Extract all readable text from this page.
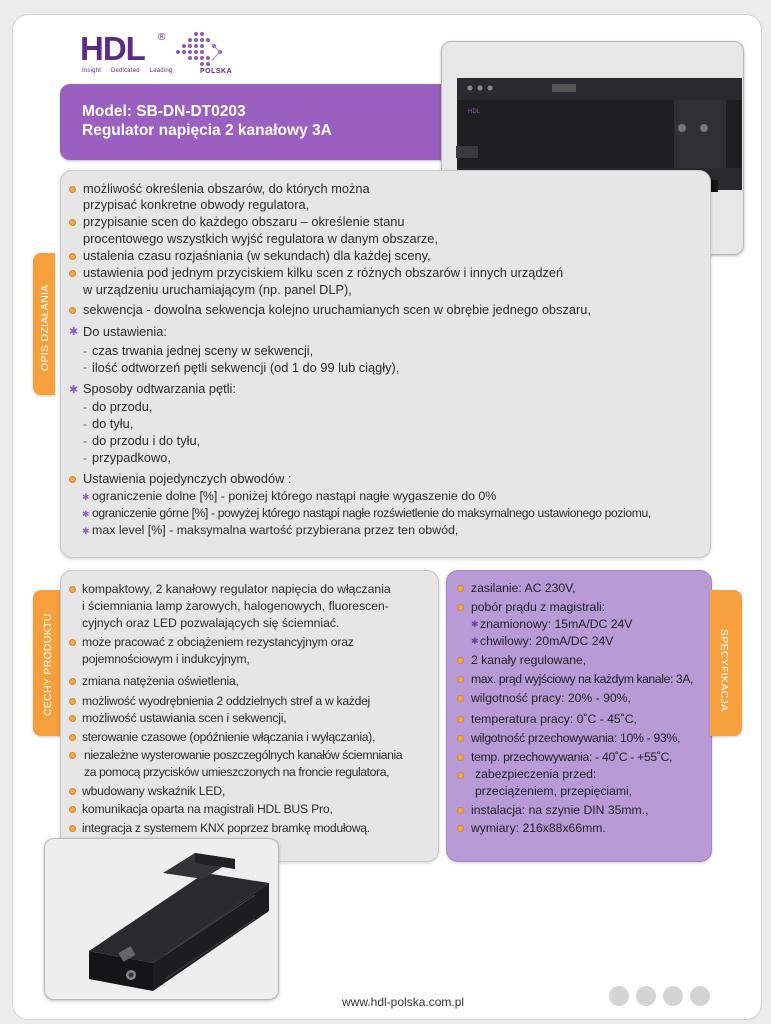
HDL ®
Insight Dedicated Leading	POLSKA
Model: SB-DN-DT0203
Regulator napięcia 2 kanałowy 3A
HDL
OPIS DZIAŁANIA
możliwość określenia obszarów, do których można
przypisać konkretne obwody regulatora,
przypisanie scen do każdego obszaru – określenie stanu
procentowego wszystkich wyjść regulatora w danym obszarze,
ustalenia czasu rozjaśniania (w sekundach) dla każdej sceny,
ustawienia pod jednym przyciskiem kilku scen z różnych obszarów i innych urządzeń
w urządzeniu uruchamiającym (np. panel DLP),
sekwencja - dowolna sekwencja kolejno uruchamianych scen w obrębie jednego obszaru,
✱ Do ustawienia:
- czas trwania jednej sceny w sekwencji,
- ilość odtworzeń pętli sekwencji (od 1 do 99 lub ciągły),
✱ Sposoby odtwarzania pętli:
- do przodu,
- do tyłu,
- do przodu i do tyłu,
- przypadkowo,
Ustawienia pojedynczych obwodów :
✱ ograniczenie dolne [%] - poniżej którego nastąpi nagłe wygaszenie do 0%
✱ ograniczenie górne [%] - powyżej którego nastąpi nagłe rozświetlenie do maksymalnego ustawionego poziomu,
✱ max level [%] - maksymalna wartość przybierana przez ten obwód,
CECHY PRODUKTU
kompaktowy, 2 kanałowy regulator napięcia do włączania
i ściemniania lamp żarowych, halogenowych, fluorescen-
cyjnych oraz LED pozwalających się ściemniać.
może pracować z obciążeniem rezystancyjnym oraz
pojemnościowym i indukcyjnym,
zmiana natężenia oświetlenia,
możliwość wyodrębnienia 2 oddzielnych stref a w każdej
możliwość ustawiania scen i sekwencji,
sterowanie czasowe (opóźnienie włączania i wyłączania),
niezależne wysterowanie poszczególnych kanałów ściemniania
za pomocą przycisków umieszczonych na froncie regulatora,
wbudowany wskaźnik LED,
komunikacja oparta na magistrali HDL BUS Pro,
integracja z systemem KNX poprzez bramkę modułową.
zasilanie: AC 230V,
pobór prądu z magistrali:
✱ znamionowy: 15mA/DC 24V
✱ chwilowy: 20mA/DC 24V
2 kanały regulowane,
max. prąd wyjściowy na każdym kanale: 3A,
wilgotność pracy: 20% - 90%,
temperatura pracy: 0˚C - 45˚C,
wilgotność przechowywania: 10% - 93%,
temp. przechowywania: - 40˚C - +55˚C,
zabezpieczenia przed:
przeciążeniem, przepięciami,
instalacja: na szynie DIN 35mm.,
wymiary: 216x88x66mm.
SPECYFIKACJA
www.hdl-polska.com.pl
